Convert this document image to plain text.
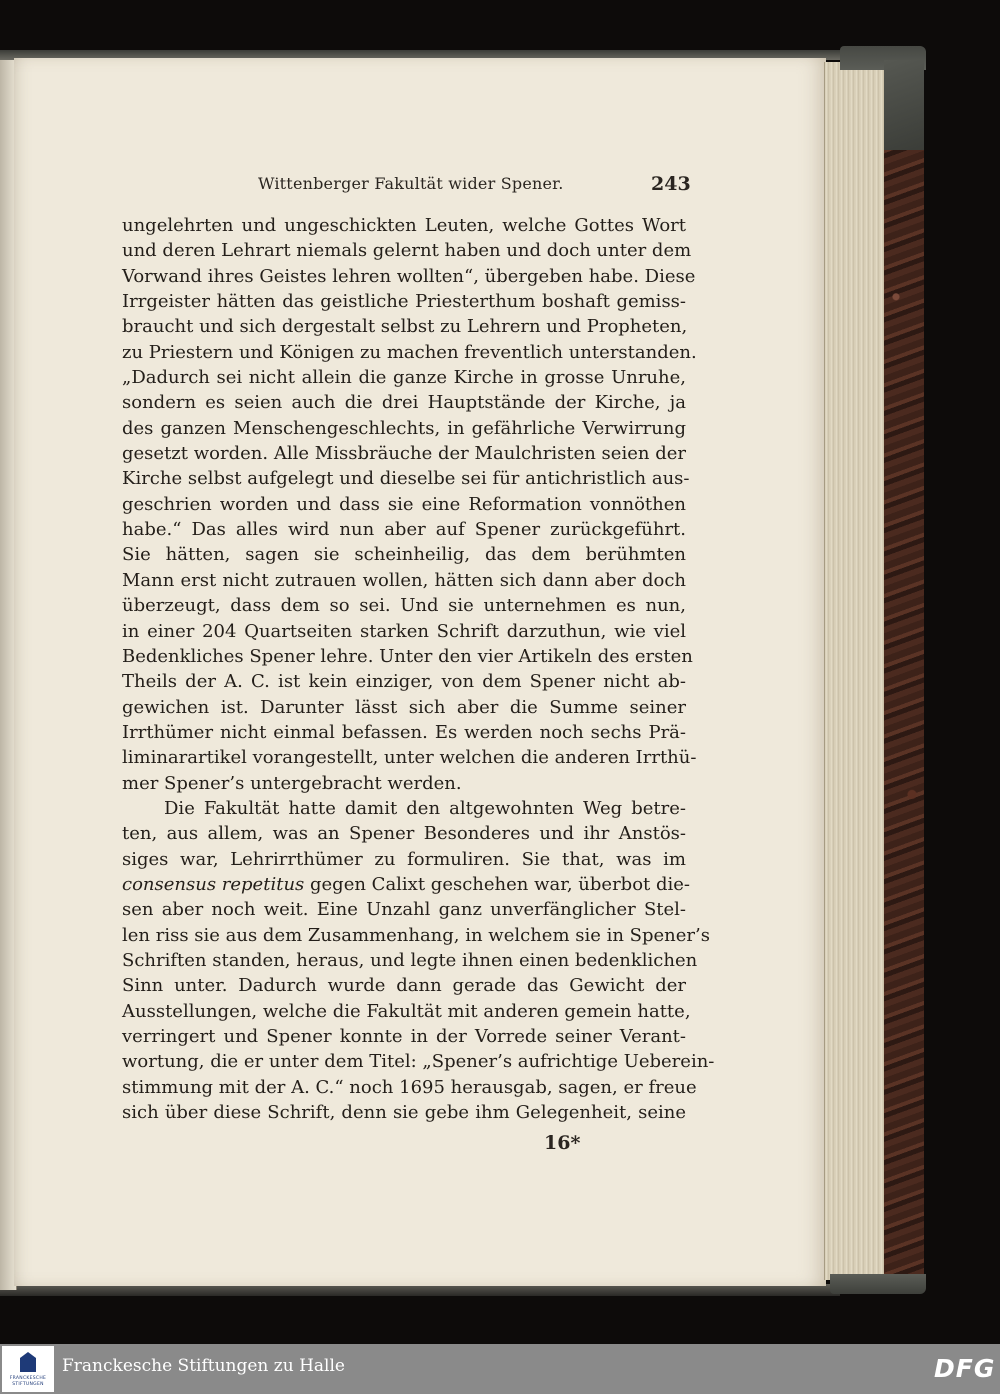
Wittenberger Fakultät wider Spener.	243
ungelehrten und ungeschickten Leuten, welche Gottes Wort
und deren Lehrart niemals gelernt haben und doch unter dem
Vorwand ihres Geistes lehren wollten“, übergeben habe. Diese
Irrgeister hätten das geistliche Priesterthum boshaft gemiss-
braucht und sich dergestalt selbst zu Lehrern und Propheten,
zu Priestern und Königen zu machen freventlich unterstanden.
„Dadurch sei nicht allein die ganze Kirche in grosse Unruhe,
sondern es seien auch die drei Hauptstände der Kirche, ja
des ganzen Menschengeschlechts, in gefährliche Verwirrung
gesetzt worden. Alle Missbräuche der Maulchristen seien der
Kirche selbst aufgelegt und dieselbe sei für antichristlich aus-
geschrien worden und dass sie eine Reformation vonnöthen
habe.“ Das alles wird nun aber auf Spener zurückgeführt.
Sie hätten, sagen sie scheinheilig, das dem berühmten
Mann erst nicht zutrauen wollen, hätten sich dann aber doch
überzeugt, dass dem so sei. Und sie unternehmen es nun,
in einer 204 Quartseiten starken Schrift darzuthun, wie viel
Bedenkliches Spener lehre. Unter den vier Artikeln des ersten
Theils der A. C. ist kein einziger, von dem Spener nicht ab-
gewichen ist. Darunter lässt sich aber die Summe seiner
Irrthümer nicht einmal befassen. Es werden noch sechs Prä-
liminarartikel vorangestellt, unter welchen die anderen Irrthü-
mer Spener’s untergebracht werden.
Die Fakultät hatte damit den altgewohnten Weg betre-
ten, aus allem, was an Spener Besonderes und ihr Anstös-
siges war, Lehrirrthümer zu formuliren. Sie that, was im
consensus repetitus gegen Calixt geschehen war, überbot die-
sen aber noch weit. Eine Unzahl ganz unverfänglicher Stel-
len riss sie aus dem Zusammenhang, in welchem sie in Spener’s
Schriften standen, heraus, und legte ihnen einen bedenklichen
Sinn unter. Dadurch wurde dann gerade das Gewicht der
Ausstellungen, welche die Fakultät mit anderen gemein hatte,
verringert und Spener konnte in der Vorrede seiner Verant-
wortung, die er unter dem Titel: „Spener’s aufrichtige Ueberein-
stimmung mit der A. C.“ noch 1695 herausgab, sagen, er freue
sich über diese Schrift, denn sie gebe ihm Gelegenheit, seine
16*
FRANCKESCHE STIFTUNGEN
Franckesche Stiftungen zu Halle	DFG
